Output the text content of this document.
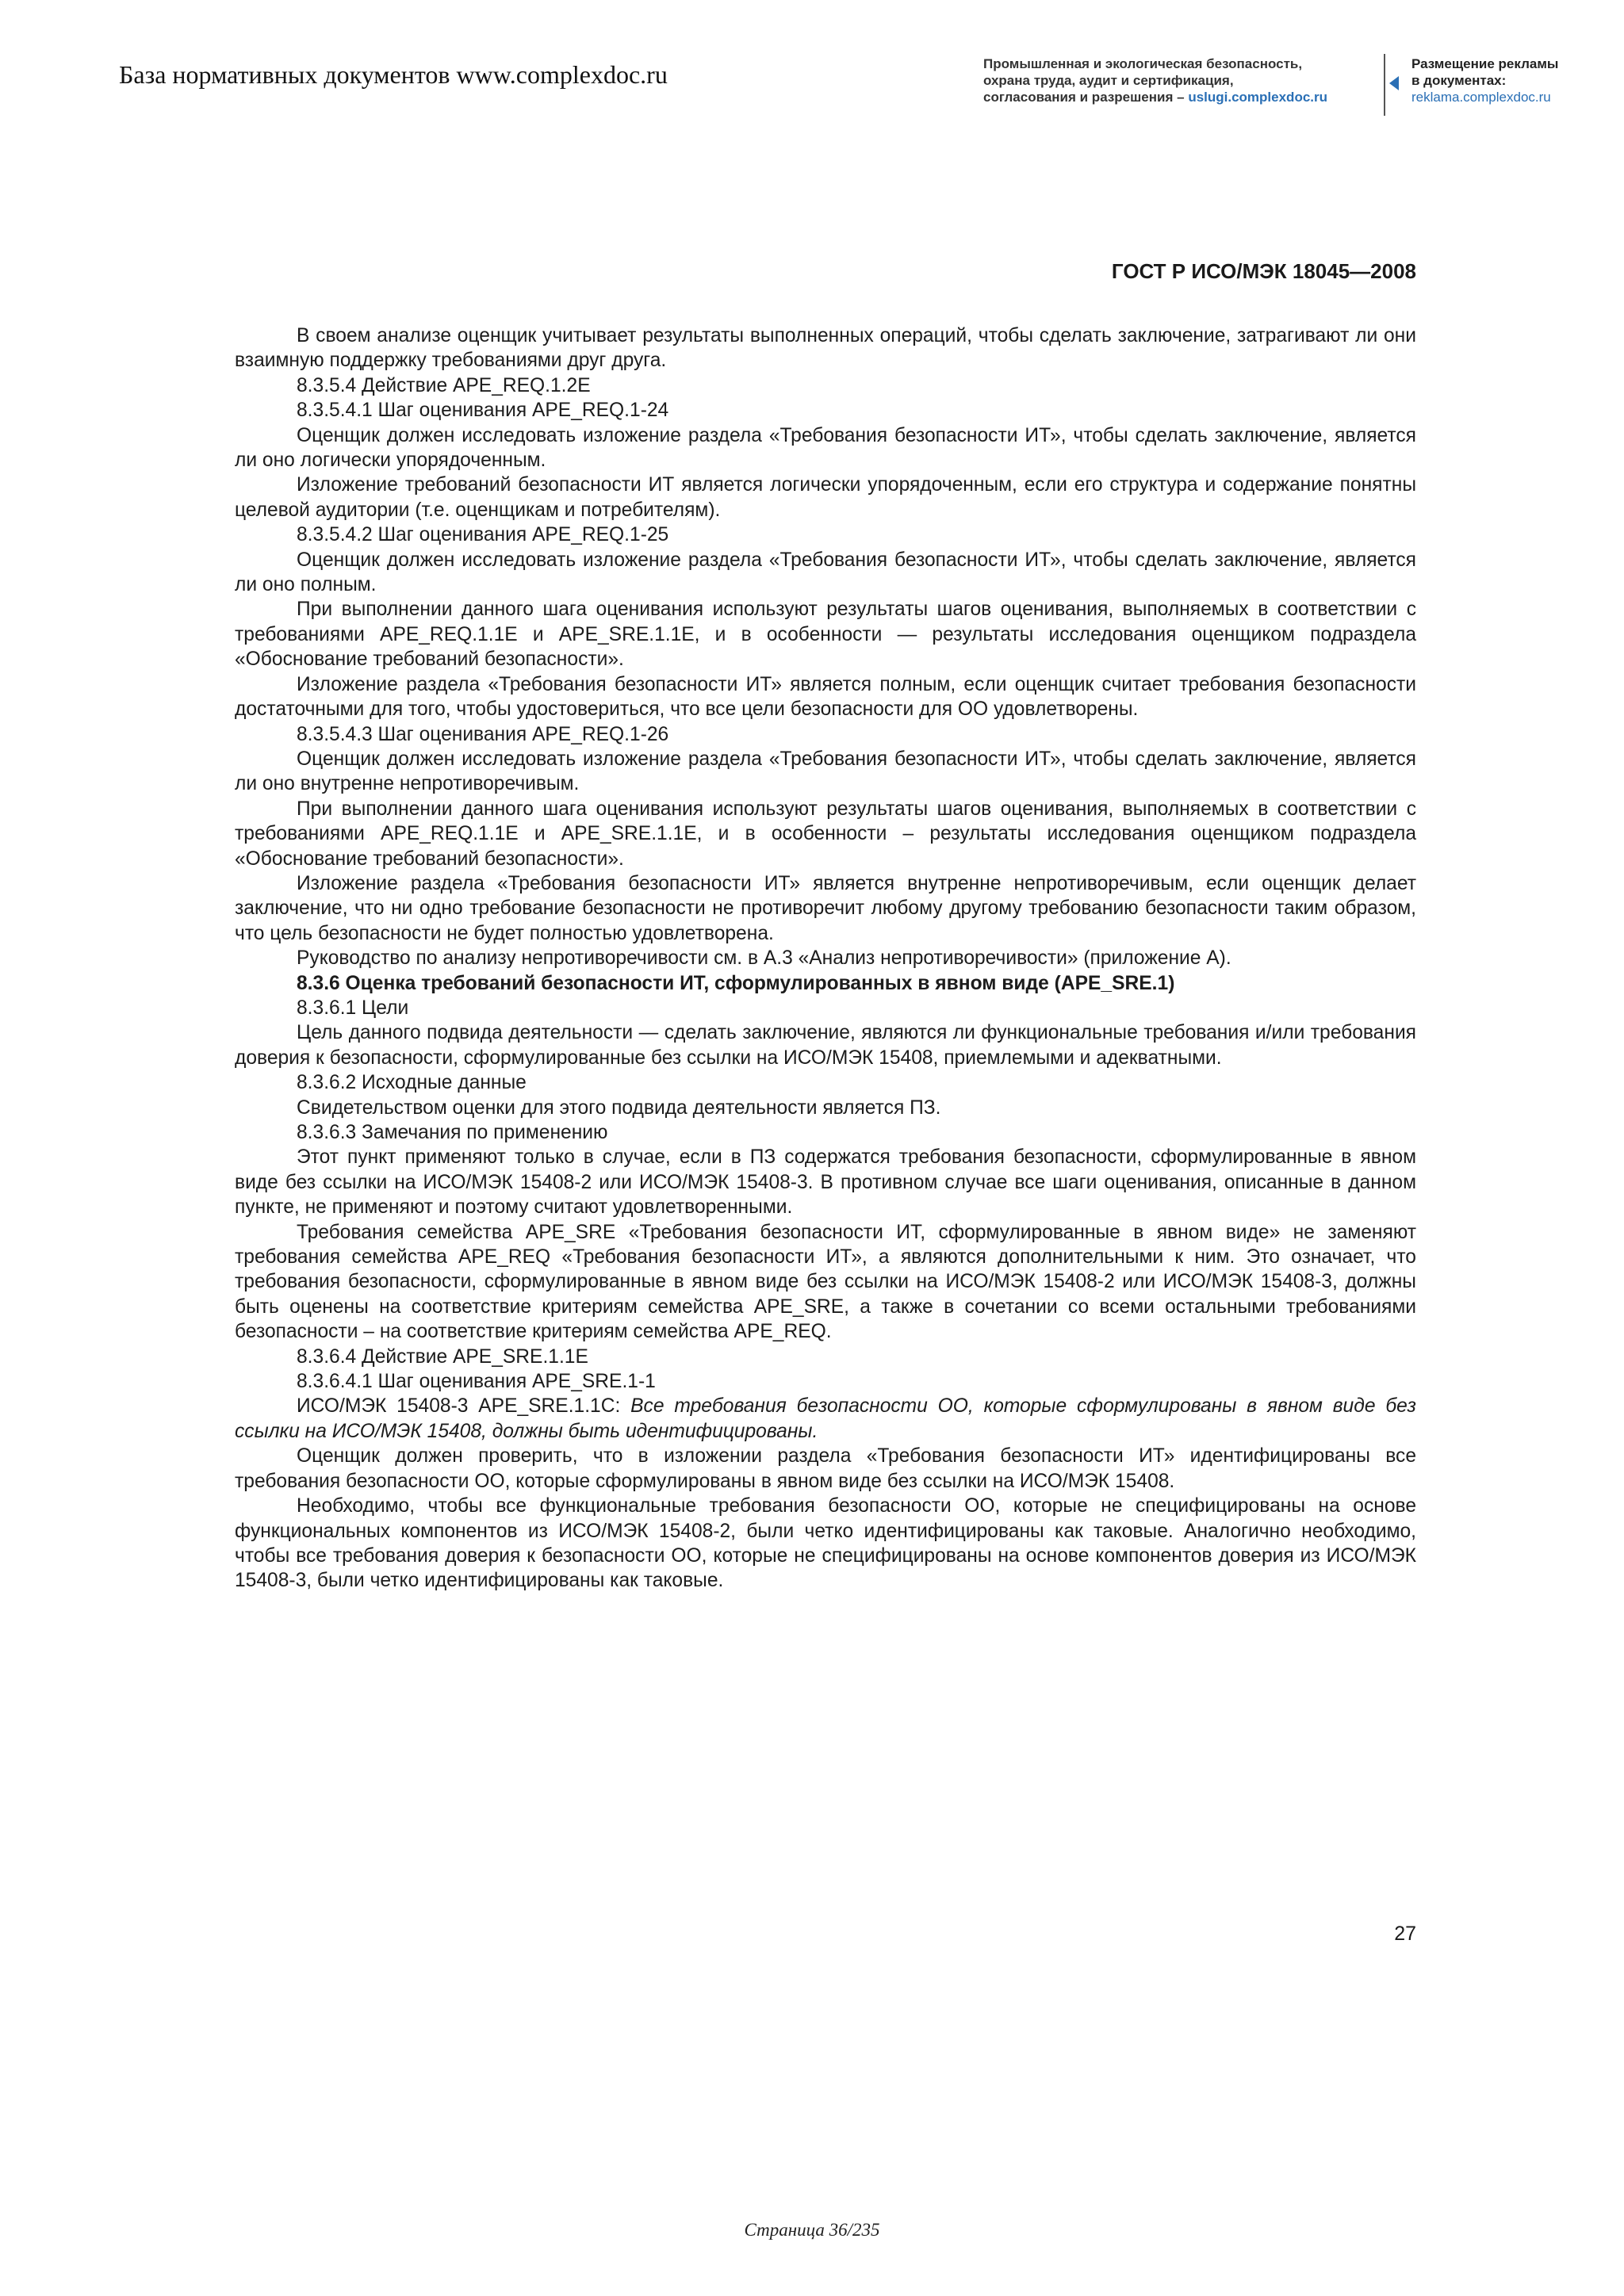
База нормативных документов www.complexdoc.ru	Промышленная и экологическая безопасность,
охрана труда, аудит и сертификация,
согласования и разрешения – uslugi.complexdoc.ru
Размещение рекламы
в документах:
reklama.complexdoc.ru
ГОСТ Р ИСО/МЭК 18045—2008

В своем анализе оценщик учитывает результаты выполненных операций, чтобы сделать заключение, затрагивают ли они взаимную поддержку требованиями друг друга.

8.3.5.4 Действие APE_REQ.1.2E

8.3.5.4.1 Шаг оценивания APE_REQ.1-24

Оценщик должен исследовать изложение раздела «Требования безопасности ИТ», чтобы сделать заключение, является ли оно логически упорядоченным.

Изложение требований безопасности ИТ является логически упорядоченным, если его структура и содержание понятны целевой аудитории (т.е. оценщикам и потребителям).

8.3.5.4.2 Шаг оценивания APE_REQ.1-25

Оценщик должен исследовать изложение раздела «Требования безопасности ИТ», чтобы сделать заключение, является ли оно полным.

При выполнении данного шага оценивания используют результаты шагов оценивания, выполняемых в соответствии с требованиями APE_REQ.1.1E и APE_SRE.1.1E, и в особенности — результаты исследования оценщиком подраздела «Обоснование требований безопасности».

Изложение раздела «Требования безопасности ИТ» является полным, если оценщик считает требования безопасности достаточными для того, чтобы удостовериться, что все цели безопасности для ОО удовлетворены.

8.3.5.4.3 Шаг оценивания APE_REQ.1-26

Оценщик должен исследовать изложение раздела «Требования безопасности ИТ», чтобы сделать заключение, является ли оно внутренне непротиворечивым.

При выполнении данного шага оценивания используют результаты шагов оценивания, выполняемых в соответствии с требованиями APE_REQ.1.1E и APE_SRE.1.1E, и в особенности – результаты исследования оценщиком подраздела «Обоснование требований безопасности».

Изложение раздела «Требования безопасности ИТ» является внутренне непротиворечивым, если оценщик делает заключение, что ни одно требование безопасности не противоречит любому другому требованию безопасности таким образом, что цель безопасности не будет полностью удовлетворена.

Руководство по анализу непротиворечивости см. в А.3 «Анализ непротиворечивости» (приложение А).

8.3.6 Оценка требований безопасности ИТ, сформулированных в явном виде (APE_SRE.1)

8.3.6.1 Цели

Цель данного подвида деятельности — сделать заключение, являются ли функциональные требования и/или требования доверия к безопасности, сформулированные без ссылки на ИСО/МЭК 15408, приемлемыми и адекватными.

8.3.6.2 Исходные данные

Свидетельством оценки для этого подвида деятельности является ПЗ.

8.3.6.3 Замечания по применению

Этот пункт применяют только в случае, если в ПЗ содержатся требования безопасности, сформулированные в явном виде без ссылки на ИСО/МЭК 15408-2 или ИСО/МЭК 15408-3. В противном случае все шаги оценивания, описанные в данном пункте, не применяют и поэтому считают удовлетворенными.

Требования семейства APE_SRE «Требования безопасности ИТ, сформулированные в явном виде» не заменяют требования семейства APE_REQ «Требования безопасности ИТ», а являются дополнительными к ним. Это означает, что требования безопасности, сформулированные в явном виде без ссылки на ИСО/МЭК 15408-2 или ИСО/МЭК 15408-3, должны быть оценены на соответствие критериям семейства APE_SRE, а также в сочетании со всеми остальными требованиями безопасности – на соответствие критериям семейства APE_REQ.

8.3.6.4 Действие APE_SRE.1.1E

8.3.6.4.1 Шаг оценивания APE_SRE.1-1

ИСО/МЭК 15408-3 APE_SRE.1.1C: Все требования безопасности ОО, которые сформулированы в явном виде без ссылки на ИСО/МЭК 15408, должны быть идентифицированы.

Оценщик должен проверить, что в изложении раздела «Требования безопасности ИТ» идентифицированы все требования безопасности ОО, которые сформулированы в явном виде без ссылки на ИСО/МЭК 15408.

Необходимо, чтобы все функциональные требования безопасности ОО, которые не специфицированы на основе функциональных компонентов из ИСО/МЭК 15408-2, были четко идентифицированы как таковые. Аналогично необходимо, чтобы все требования доверия к безопасности ОО, которые не специфицированы на основе компонентов доверия из ИСО/МЭК 15408-3, были четко идентифицированы как таковые.

27
Страница 36/235
